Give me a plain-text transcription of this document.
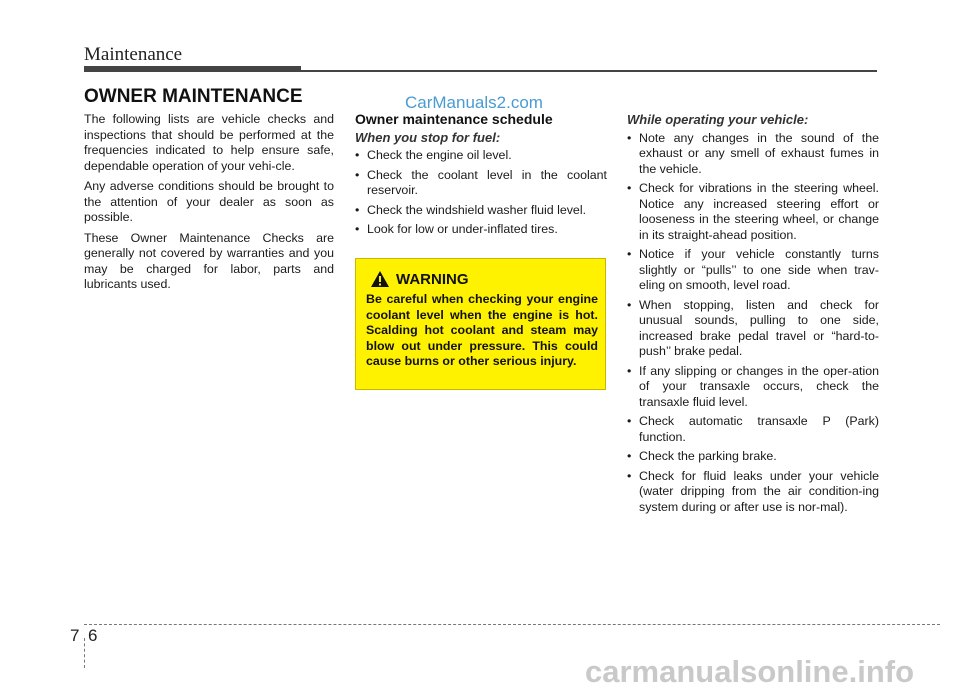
Maintenance
OWNER MAINTENANCE	CarManuals2.com

The following lists are vehicle checks and inspections that should be performed at the frequencies indicated to help ensure safe, dependable operation of your vehi-cle.

Any adverse conditions should be brought to the attention of your dealer as soon as possible.

These Owner Maintenance Checks are generally not covered by warranties and you may be charged for labor, parts and lubricants used.

Owner maintenance schedule
When you stop for fuel:
• Check the engine oil level.
• Check the coolant level in the coolant reservoir.
• Check the windshield washer fluid level.
• Look for low or under-inflated tires.
WARNING
Be careful when checking your engine coolant level when the engine is hot. Scalding hot coolant and steam may blow out under pressure. This could cause burns or other serious injury.
While operating your vehicle:
• Note any changes in the sound of the exhaust or any smell of exhaust fumes in the vehicle.
• Check for vibrations in the steering wheel. Notice any increased steering effort or looseness in the steering wheel, or change in its straight-ahead position.
• Notice if your vehicle constantly turns slightly or “pulls’’ to one side when trav-eling on smooth, level road.
• When stopping, listen and check for unusual sounds, pulling to one side, increased brake pedal travel or “hard-to-push’’ brake pedal.
• If any slipping or changes in the oper-ation of your transaxle occurs, check the transaxle fluid level.
• Check automatic transaxle P (Park) function.
• Check the parking brake.
• Check for fluid leaks under your vehicle (water dripping from the air condition-ing system during or after use is nor-mal).
7 6
carmanualsonline.info
